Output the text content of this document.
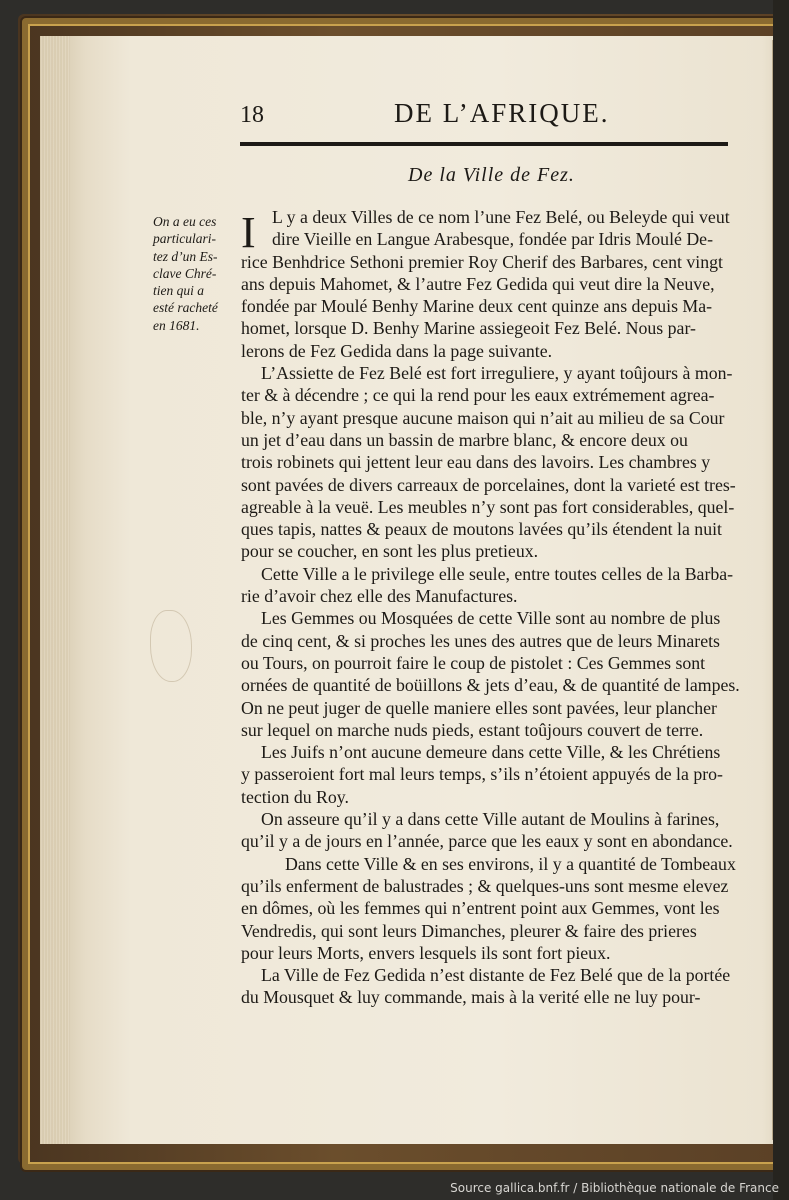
18	DE L’AFRIQUE.
De la Ville de Fez.
On a eu ces
particulari-
tez d’un Es-
clave Chré-
tien qui a
esté racheté
en 1681.
I L y a deux Villes de ce nom l’une Fez Belé, ou Beleyde qui veut
dire Vieille en Langue Arabesque, fondée par Idris Moulé De-
rice Benhdrice Sethoni premier Roy Cherif des Barbares, cent vingt
ans depuis Mahomet, & l’autre Fez Gedida qui veut dire la Neuve,
fondée par Moulé Benhy Marine deux cent quinze ans depuis Ma-
homet, lorsque D. Benhy Marine assiegeoit Fez Belé. Nous par-
lerons de Fez Gedida dans la page suivante.
L’Assiette de Fez Belé est fort irreguliere, y ayant toûjours à mon-
ter & à décendre ; ce qui la rend pour les eaux extrémement agrea-
ble, n’y ayant presque aucune maison qui n’ait au milieu de sa Cour
un jet d’eau dans un bassin de marbre blanc, & encore deux ou
trois robinets qui jettent leur eau dans des lavoirs. Les chambres y
sont pavées de divers carreaux de porcelaines, dont la varieté est tres-
agreable à la veuë. Les meubles n’y sont pas fort considerables, quel-
ques tapis, nattes & peaux de moutons lavées qu’ils étendent la nuit
pour se coucher, en sont les plus pretieux.
Cette Ville a le privilege elle seule, entre toutes celles de la Barba-
rie d’avoir chez elle des Manufactures.
Les Gemmes ou Mosquées de cette Ville sont au nombre de plus
de cinq cent, & si proches les unes des autres que de leurs Minarets
ou Tours, on pourroit faire le coup de pistolet : Ces Gemmes sont
ornées de quantité de boüillons & jets d’eau, & de quantité de lampes.
On ne peut juger de quelle maniere elles sont pavées, leur plancher
sur lequel on marche nuds pieds, estant toûjours couvert de terre.
Les Juifs n’ont aucune demeure dans cette Ville, & les Chrétiens
y passeroient fort mal leurs temps, s’ils n’étoient appuyés de la pro-
tection du Roy.
On asseure qu’il y a dans cette Ville autant de Moulins à farines,
qu’il y a de jours en l’année, parce que les eaux y sont en abondance.
Dans cette Ville & en ses environs, il y a quantité de Tombeaux
qu’ils enferment de balustrades ; & quelques-uns sont mesme elevez
en dômes, où les femmes qui n’entrent point aux Gemmes, vont les
Vendredis, qui sont leurs Dimanches, pleurer & faire des prieres
pour leurs Morts, envers lesquels ils sont fort pieux.
La Ville de Fez Gedida n’est distante de Fez Belé que de la portée
du Mousquet & luy commande, mais à la verité elle ne luy pour-
Source gallica.bnf.fr / Bibliothèque nationale de France
